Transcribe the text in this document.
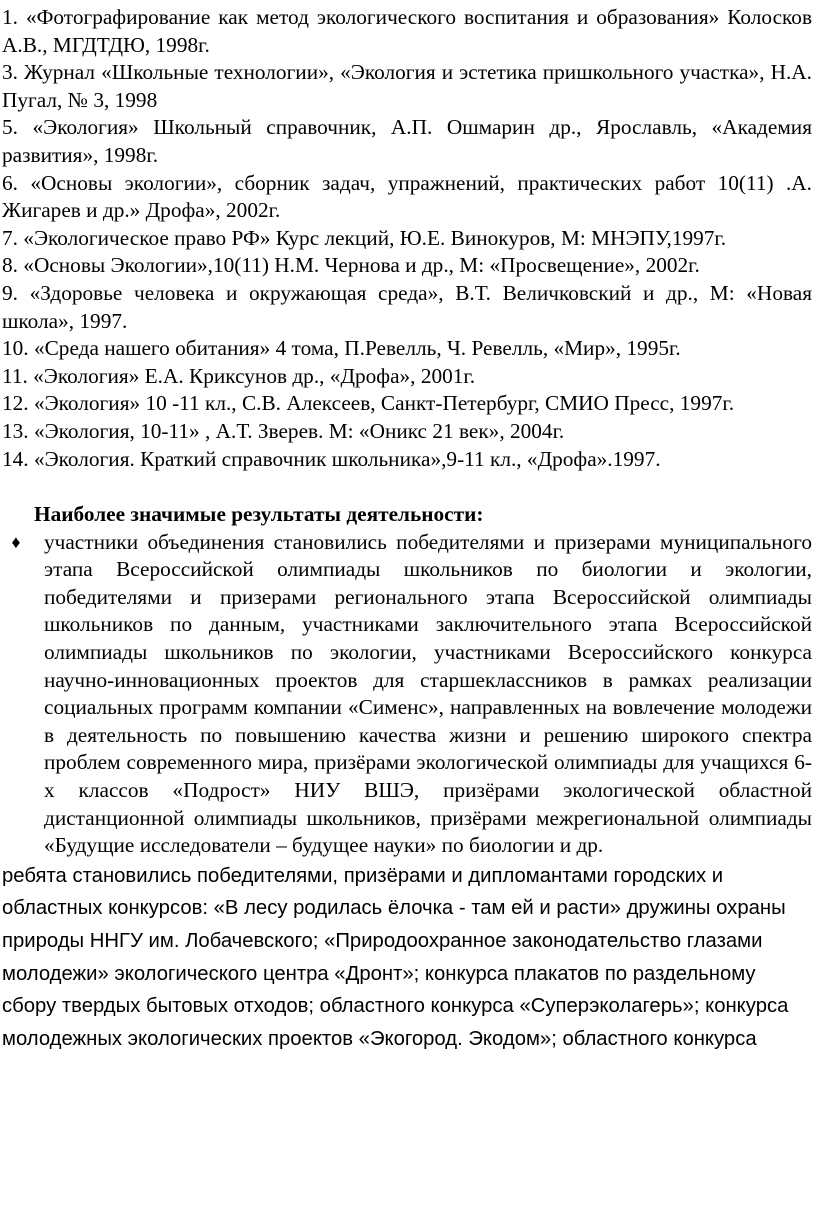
1. «Фотографирование как метод экологического воспитания и образования» Колосков А.В., МГДТДЮ, 1998г.

3. Журнал «Школьные технологии», «Экология и эстетика пришкольного участка», Н.А. Пугал, № 3, 1998

5. «Экология» Школьный справочник, А.П. Ошмарин др., Ярославль, «Академия развития», 1998г.

6. «Основы экологии», сборник задач, упражнений, практических работ 10(11) .А. Жигарев и др.» Дрофа», 2002г.

7. «Экологическое право РФ» Курс лекций, Ю.Е. Винокуров, М: МНЭПУ,1997г.

8. «Основы Экологии»,10(11) Н.М. Чернова и др., М: «Просвещение», 2002г.

9. «Здоровье человека и окружающая среда», В.Т. Величковский и др., М: «Новая школа», 1997.

10. «Среда нашего обитания» 4 тома, П.Ревелль, Ч. Ревелль, «Мир», 1995г.

11. «Экология» Е.А. Криксунов др., «Дрофа», 2001г.

12. «Экология» 10 -11 кл., С.В. Алексеев, Санкт-Петербург, СМИО Пресс, 1997г.

13. «Экология, 10-11» , А.Т. Зверев. М: «Оникс 21 век», 2004г.

14. «Экология. Краткий справочник школьника»,9-11 кл., «Дрофа».1997.

Наиболее значимые результаты деятельности:

♦ участники объединения становились победителями и призерами муниципального этапа Всероссийской олимпиады школьников по биологии и экологии, победителями и призерами регионального этапа Всероссийской олимпиады школьников по данным, участниками заключительного этапа Всероссийской олимпиады школьников по экологии, участниками Всероссийского конкурса научно-инновационных проектов для старшеклассников в рамках реализации социальных программ компании «Сименс», направленных на вовлечение молодежи в деятельность по повышению качества жизни и решению широкого спектра проблем современного мира, призёрами экологической олимпиады для учащихся 6-х классов «Подрост» НИУ ВШЭ, призёрами экологической областной дистанционной олимпиады школьников, призёрами межрегиональной олимпиады «Будущие исследователи – будущее науки» по биологии и др.

ребята становились победителями, призёрами и дипломантами городских и областных конкурсов: «В лесу родилась ёлочка - там ей и расти» дружины охраны природы ННГУ им. Лобачевского; «Природоохранное законодательство глазами молодежи» экологического центра «Дронт»; конкурса плакатов по раздельному сбору твердых бытовых отходов; областного конкурса «Суперэколагерь»; конкурса молодежных экологических проектов «Экогород. Экодом»; областного конкурса
